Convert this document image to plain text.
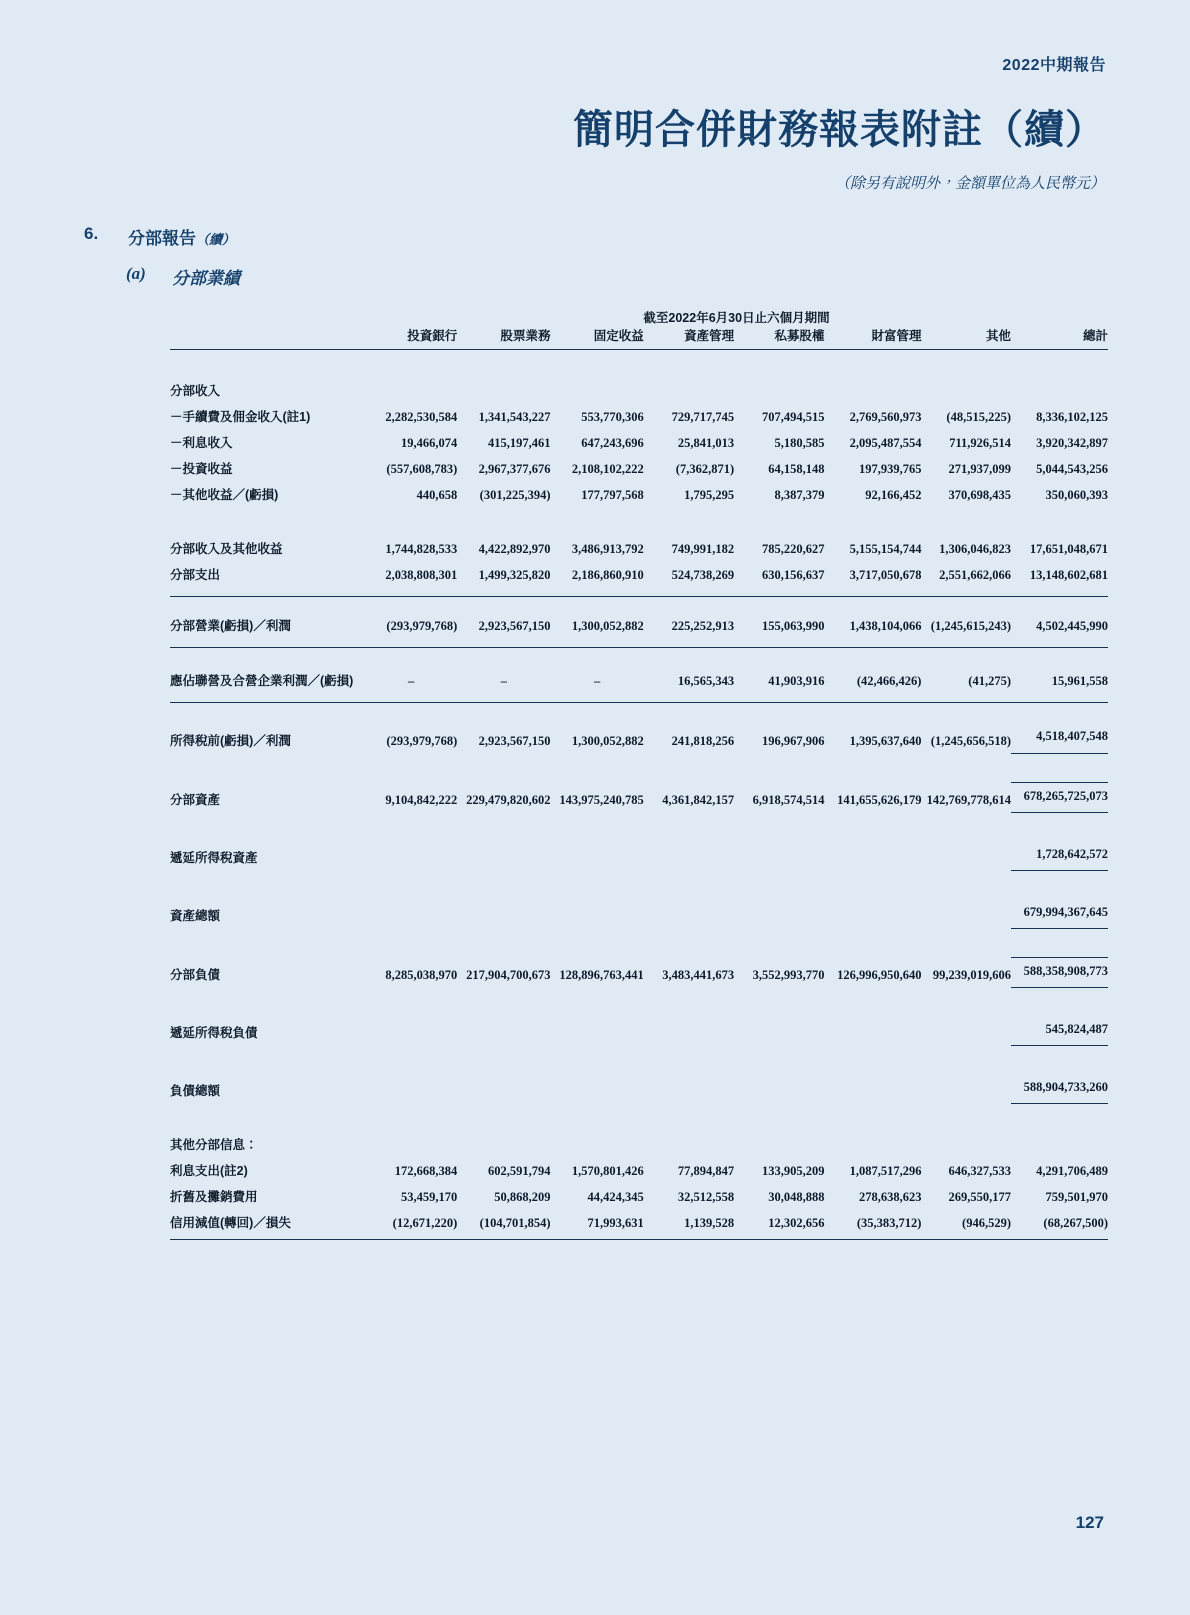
2022中期報告
簡明合併財務報表附註（續）
（除另有說明外，金額單位為人民幣元）
6. 分部報告（續）
(a) 分部業績
	截至2022年6月30日止六個月期間							
	投資銀行	股票業務	固定收益	資產管理	私募股權	財富管理	其他	總計

分部收入								
－手續費及佣金收入(註1)	2,282,530,584	1,341,543,227	553,770,306	729,717,745	707,494,515	2,769,560,973	(48,515,225)	8,336,102,125
－利息收入	19,466,074	415,197,461	647,243,696	25,841,013	5,180,585	2,095,487,554	711,926,514	3,920,342,897
－投資收益	(557,608,783)	2,967,377,676	2,108,102,222	(7,362,871)	64,158,148	197,939,765	271,937,099	5,044,543,256
－其他收益／(虧損)	440,658	(301,225,394)	177,797,568	1,795,295	8,387,379	92,166,452	370,698,435	350,060,393

分部收入及其他收益	1,744,828,533	4,422,892,970	3,486,913,792	749,991,182	785,220,627	5,155,154,744	1,306,046,823	17,651,048,671
分部支出	2,038,808,301	1,499,325,820	2,186,860,910	524,738,269	630,156,637	3,717,050,678	2,551,662,066	13,148,602,681

分部營業(虧損)／利潤	(293,979,768)	2,923,567,150	1,300,052,882	225,252,913	155,063,990	1,438,104,066	(1,245,615,243)	4,502,445,990

應佔聯營及合營企業利潤／(虧損)	–	–	–	16,565,343	41,903,916	(42,466,426)	(41,275)	15,961,558

所得稅前(虧損)／利潤	(293,979,768)	2,923,567,150	1,300,052,882	241,818,256	196,967,906	1,395,637,640	(1,245,656,518)	4,518,407,548

分部資產	9,104,842,222	229,479,820,602	143,975,240,785	4,361,842,157	6,918,574,514	141,655,626,179	142,769,778,614	678,265,725,073

遞延所得稅資產								1,728,642,572

資產總額								679,994,367,645

分部負債	8,285,038,970	217,904,700,673	128,896,763,441	3,483,441,673	3,552,993,770	126,996,950,640	99,239,019,606	588,358,908,773

遞延所得稅負債								545,824,487

負債總額								588,904,733,260

其他分部信息：								
利息支出(註2)	172,668,384	602,591,794	1,570,801,426	77,894,847	133,905,209	1,087,517,296	646,327,533	4,291,706,489
折舊及攤銷費用	53,459,170	50,868,209	44,424,345	32,512,558	30,048,888	278,638,623	269,550,177	759,501,970
信用減值(轉回)／損失	(12,671,220)	(104,701,854)	71,993,631	1,139,528	12,302,656	(35,383,712)	(946,529)	(68,267,500)
127
